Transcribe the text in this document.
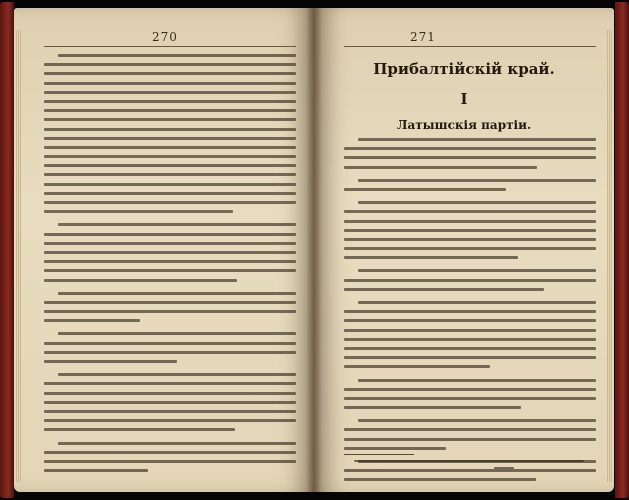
270	271
Прибалтійскій край.
I
Латышскія партіи.
